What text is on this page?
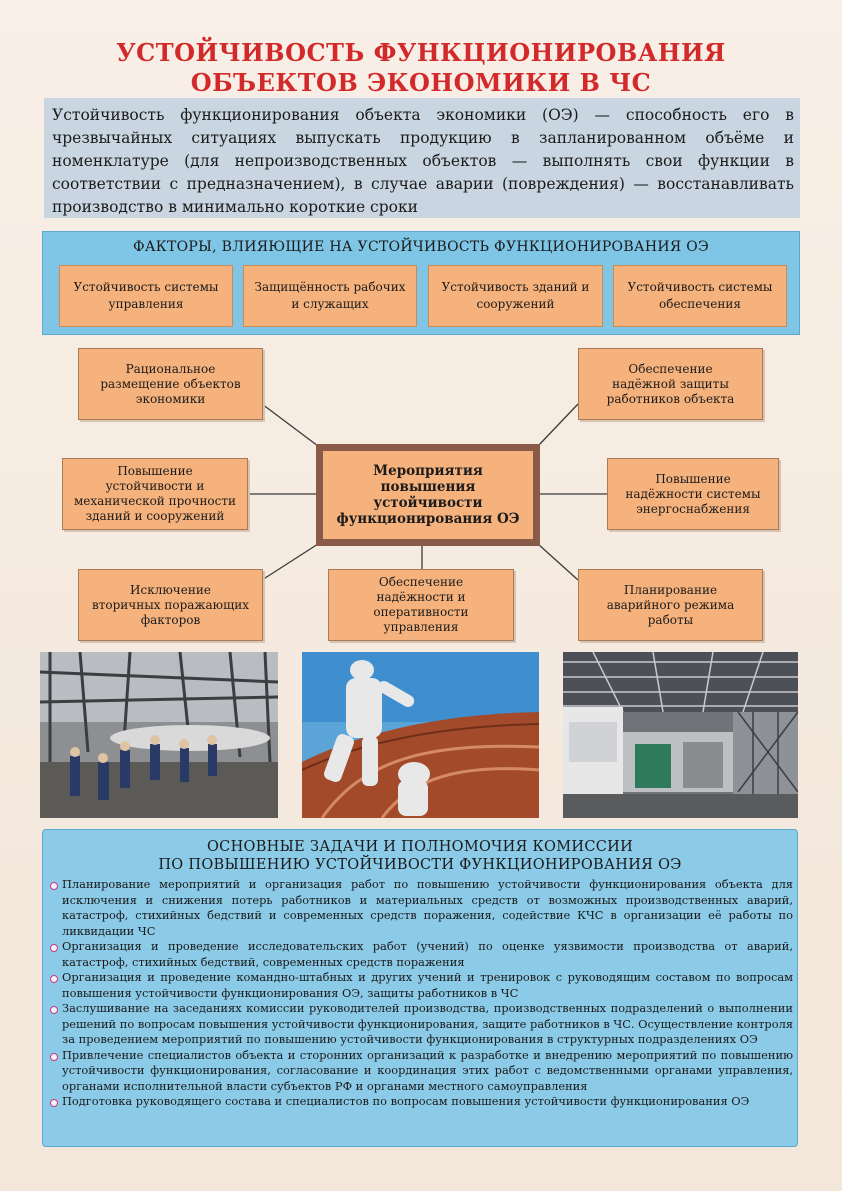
УСТОЙЧИВОСТЬ ФУНКЦИОНИРОВАНИЯ
ОБЪЕКТОВ ЭКОНОМИКИ В ЧС
Устойчивость функционирования объекта экономики (ОЭ) — способность его в чрезвычайных ситуациях выпускать продукцию в запланированном объёме и номенклатуре (для непроизводственных объектов — выполнять свои функции в соответствии с предназначением), в случае аварии (повреждения) — восстанавливать производство в минимально короткие сроки
ФАКТОРЫ, ВЛИЯЮЩИЕ НА УСТОЙЧИВОСТЬ ФУНКЦИОНИРОВАНИЯ ОЭ
Устойчивость системы управления
Защищённость рабочих и служащих
Устойчивость зданий и сооружений
Устойчивость системы обеспечения
Рациональное
размещение объектов
экономики
Обеспечение
надёжной защиты
работников объекта
Повышение
устойчивости и
механической прочности
зданий и сооружений
Повышение
надёжности системы
энергоснабжения
Исключение
вторичных поражающих
факторов
Обеспечение
надёжности и
оперативности
управления
Планирование
аварийного режима
работы
Мероприятия
повышения
устойчивости
функционирования ОЭ
ОСНОВНЫЕ ЗАДАЧИ И ПОЛНОМОЧИЯ КОМИССИИ
ПО ПОВЫШЕНИЮ УСТОЙЧИВОСТИ ФУНКЦИОНИРОВАНИЯ ОЭ
Планирование мероприятий и организация работ по повышению устойчивости функционирования объекта для исключения и снижения потерь работников и материальных средств от возможных производственных аварий, катастроф, стихийных бедствий и современных средств поражения, содействие КЧС в организации её работы по ликвидации ЧС
Организация и проведение исследовательских работ (учений) по оценке уязвимости производства от аварий, катастроф, стихийных бедствий, современных средств поражения
Организация и проведение командно-штабных и других учений и тренировок с руководящим составом по вопросам повышения устойчивости функционирования ОЭ, защиты работников в ЧС
Заслушивание на заседаниях комиссии руководителей производства, производственных подразделений о выполнении решений по вопросам повышения устойчивости функционирования, защите работников в ЧС. Осуществление контроля за проведением мероприятий по повышению устойчивости функционирования в структурных подразделениях ОЭ
Привлечение специалистов объекта и сторонних организаций к разработке и внедрению мероприятий по повышению устойчивости функционирования, согласование и координация этих работ с ведомственными органами управления, органами исполнительной власти субъектов РФ и органами местного самоуправления
Подготовка руководящего состава и специалистов по вопросам повышения устойчивости функционирования ОЭ
